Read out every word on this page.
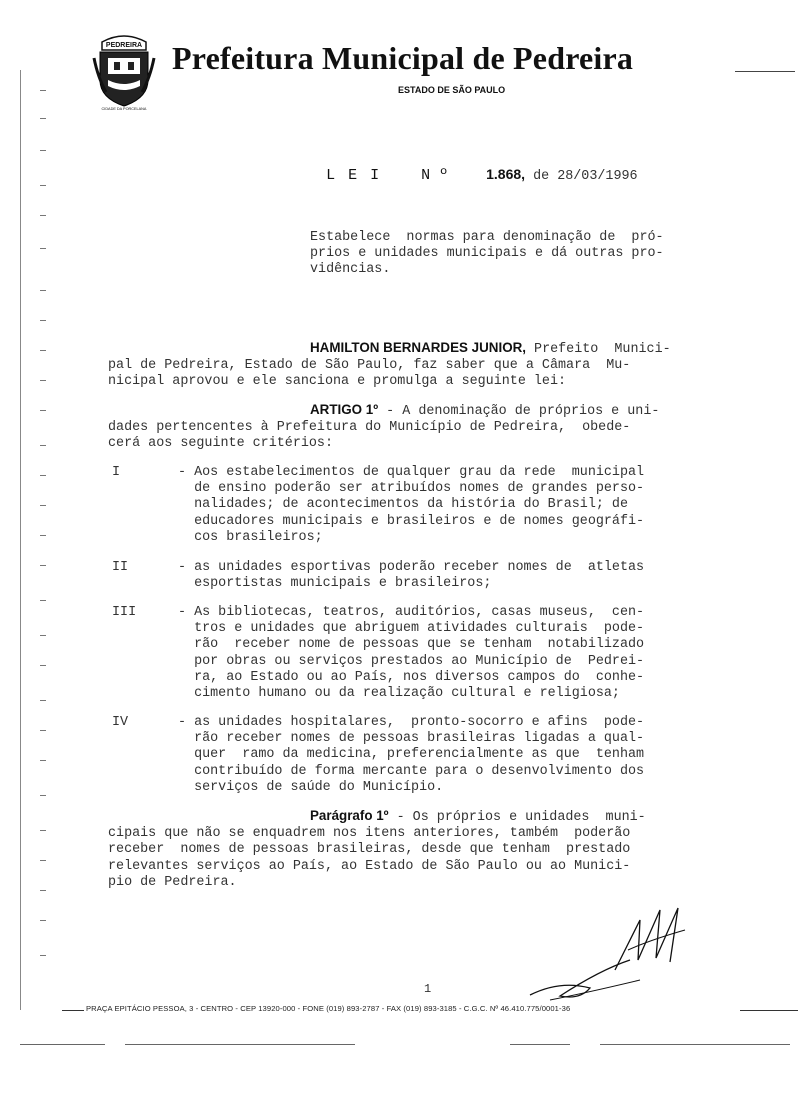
PEDREIRA
CIDADE DA PORCELANA
Prefeitura Municipal de Pedreira
ESTADO DE SÃO PAULO

L E I	N º	1.868, de 28/03/1996

Estabelece  normas para denominação de  pró-
prios e unidades municipais e dá outras pro-
vidências.
HAMILTON BERNARDES JUNIOR, Prefeito  Munici-
pal de Pedreira, Estado de São Paulo, faz saber que a Câmara  Mu-
nicipal aprovou e ele sanciona e promulga a seguinte lei:
ARTIGO 1º - A denominação de próprios e uni-
dades pertencentes à Prefeitura do Município de Pedreira,  obede-
cerá aos seguinte critérios:
I	- Aos estabelecimentos de qualquer grau da rede  municipal
de ensino poderão ser atribuídos nomes de grandes perso-
nalidades; de acontecimentos da história do Brasil; de
educadores municipais e brasileiros e de nomes geográfi-
cos brasileiros;
II	- as unidades esportivas poderão receber nomes de  atletas
esportistas municipais e brasileiros;
III	- As bibliotecas, teatros, auditórios, casas museus,  cen-
tros e unidades que abriguem atividades culturais  pode-
rão  receber nome de pessoas que se tenham  notabilizado
por obras ou serviços prestados ao Município de  Pedrei-
ra, ao Estado ou ao País, nos diversos campos do  conhe-
cimento humano ou da realização cultural e religiosa;
IV	- as unidades hospitalares,  pronto-socorro e afins  pode-
rão receber nomes de pessoas brasileiras ligadas a qual-
quer  ramo da medicina, preferencialmente as que  tenham
contribuído de forma mercante para o desenvolvimento dos
serviços de saúde do Município.
Parágrafo 1º - Os próprios e unidades  muni-
cipais que não se enquadrem nos itens anteriores, também  poderão
receber  nomes de pessoas brasileiras, desde que tenham  prestado
relevantes serviços ao País, ao Estado de São Paulo ou ao Munici-
pio de Pedreira.
1
PRAÇA EPITÁCIO PESSOA, 3 - CENTRO - CEP 13920-000 - FONE (019) 893-2787 - FAX (019) 893-3185 - C.G.C. Nº 46.410.775/0001-36
